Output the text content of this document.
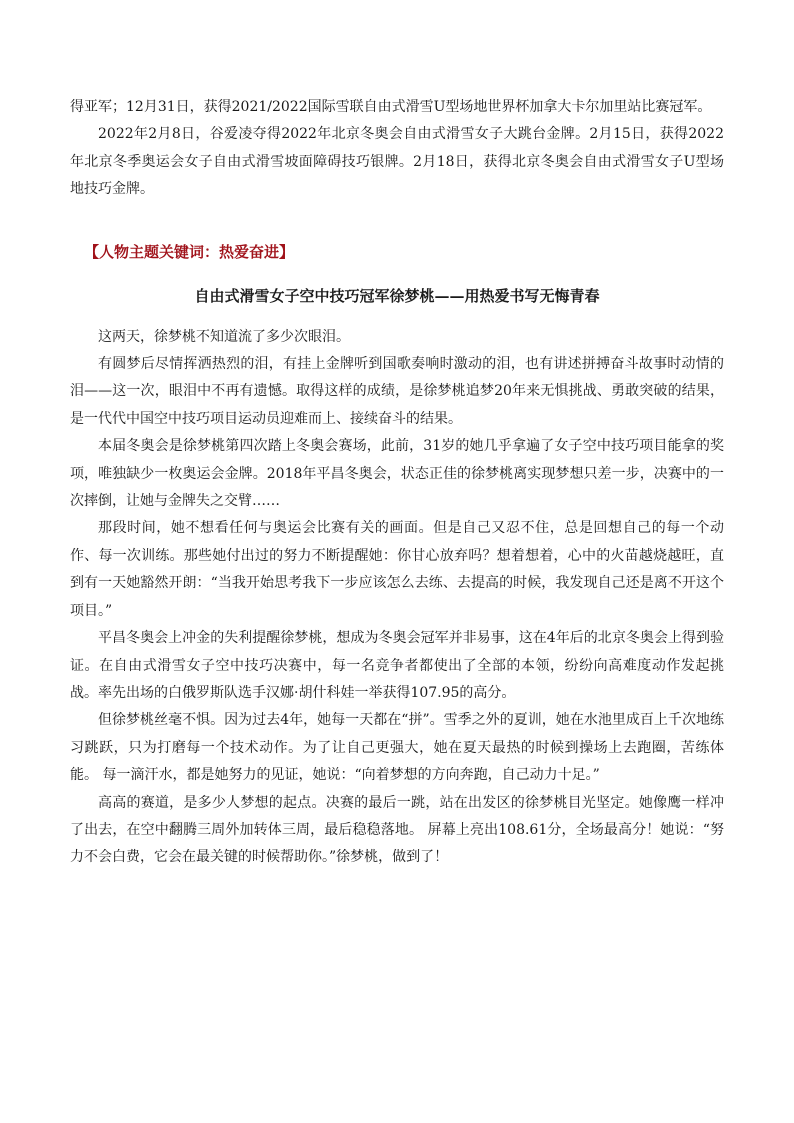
得亚军；12月31日，获得2021/2022国际雪联自由式滑雪U型场地世界杯加拿大卡尔加里站比赛冠军。

2022年2月8日，谷爱凌夺得2022年北京冬奥会自由式滑雪女子大跳台金牌。2月15日，获得2022年北京冬季奥运会女子自由式滑雪坡面障碍技巧银牌。2月18日，获得北京冬奥会自由式滑雪女子U型场地技巧金牌。

【人物主题关键词：热爱奋进】

自由式滑雪女子空中技巧冠军徐梦桃——用热爱书写无悔青春

这两天，徐梦桃不知道流了多少次眼泪。

有圆梦后尽情挥洒热烈的泪，有挂上金牌听到国歌奏响时激动的泪，也有讲述拼搏奋斗故事时动情的泪——这一次，眼泪中不再有遗憾。取得这样的成绩，是徐梦桃追梦20年来无惧挑战、勇敢突破的结果，是一代代中国空中技巧项目运动员迎难而上、接续奋斗的结果。

本届冬奥会是徐梦桃第四次踏上冬奥会赛场，此前，31岁的她几乎拿遍了女子空中技巧项目能拿的奖项，唯独缺少一枚奥运会金牌。2018年平昌冬奥会，状态正佳的徐梦桃离实现梦想只差一步，决赛中的一次摔倒，让她与金牌失之交臂……

那段时间，她不想看任何与奥运会比赛有关的画面。但是自己又忍不住，总是回想自己的每一个动作、每一次训练。那些她付出过的努力不断提醒她：你甘心放弃吗？想着想着，心中的火苗越烧越旺，直到有一天她豁然开朗：“当我开始思考我下一步应该怎么去练、去提高的时候，我发现自己还是离不开这个项目。”

平昌冬奥会上冲金的失利提醒徐梦桃，想成为冬奥会冠军并非易事，这在4年后的北京冬奥会上得到验证。在自由式滑雪女子空中技巧决赛中，每一名竞争者都使出了全部的本领，纷纷向高难度动作发起挑战。率先出场的白俄罗斯队选手汉娜·胡什科娃一举获得107.95的高分。

但徐梦桃丝毫不惧。因为过去4年，她每一天都在“拼”。雪季之外的夏训，她在水池里成百上千次地练习跳跃，只为打磨每一个技术动作。为了让自己更强大，她在夏天最热的时候到操场上去跑圈，苦练体能。 每一滴汗水，都是她努力的见证，她说：“向着梦想的方向奔跑，自己动力十足。”

高高的赛道，是多少人梦想的起点。决赛的最后一跳，站在出发区的徐梦桃目光坚定。她像鹰一样冲了出去，在空中翻腾三周外加转体三周，最后稳稳落地。 屏幕上亮出108.61分，全场最高分！她说：“努力不会白费，它会在最关键的时候帮助你。”徐梦桃，做到了！
